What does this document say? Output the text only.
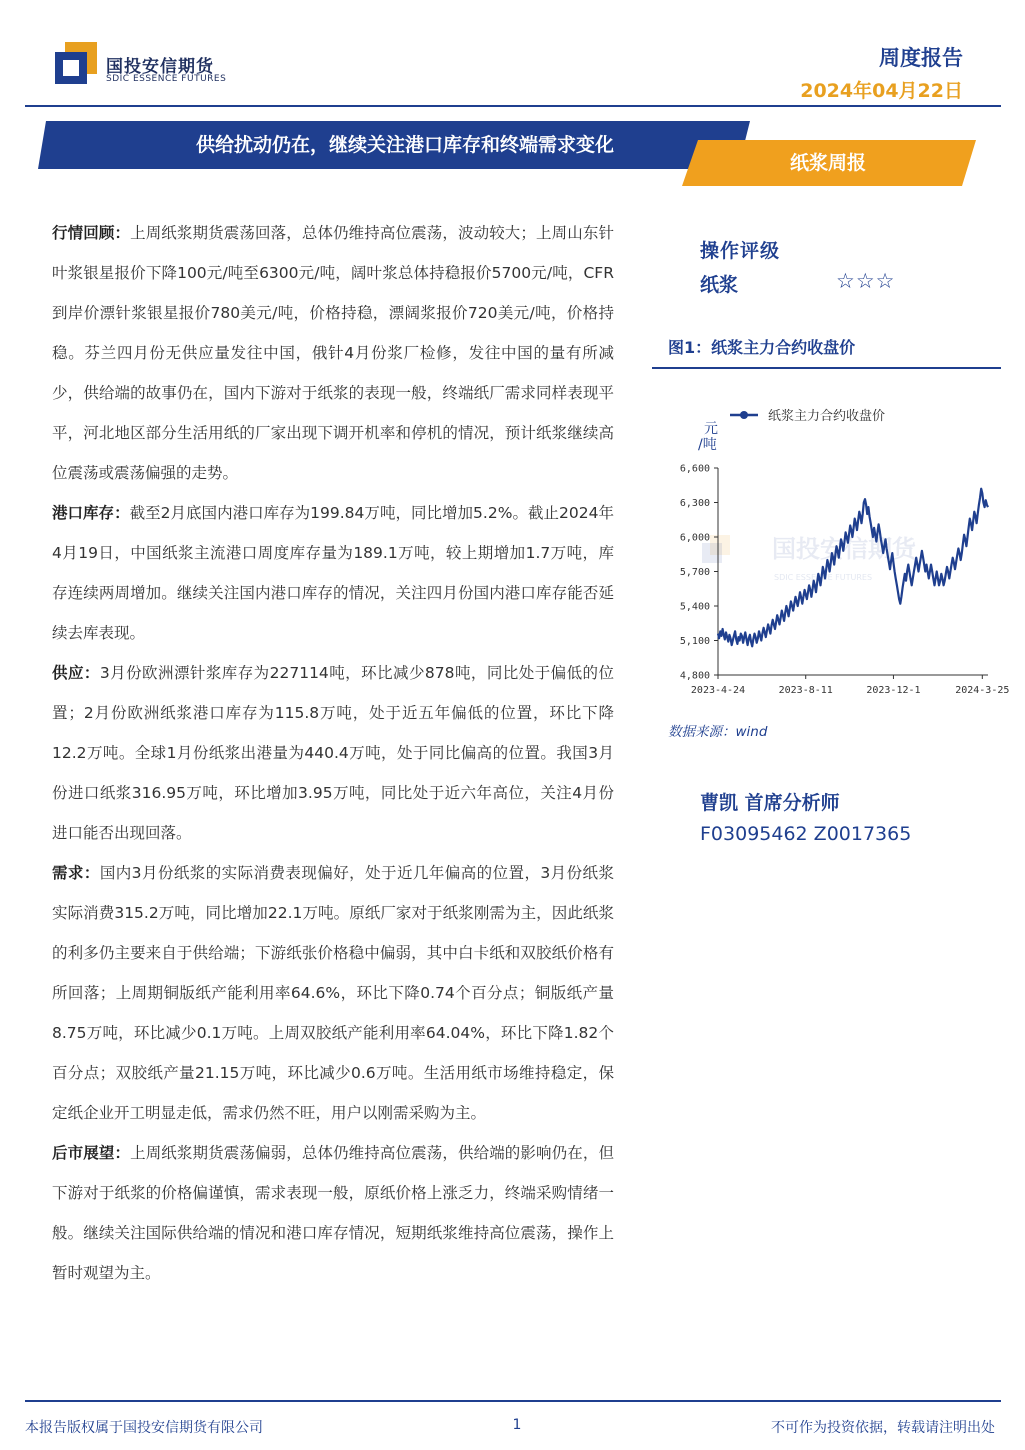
国投安信期货
SDIC ESSENCE FUTURES
周度报告
2024年04月22日
供给扰动仍在，继续关注港口库存和终端需求变化
纸浆周报

行情回顾：上周纸浆期货震荡回落，总体仍维持高位震荡，波动较大；上周山东针叶浆银星报价下降100元/吨至6300元/吨，阔叶浆总体持稳报价5700元/吨，CFR到岸价漂针浆银星报价780美元/吨，价格持稳，漂阔浆报价720美元/吨，价格持稳。芬兰四月份无供应量发往中国，俄针4月份浆厂检修，发往中国的量有所减少，供给端的故事仍在，国内下游对于纸浆的表现一般，终端纸厂需求同样表现平平，河北地区部分生活用纸的厂家出现下调开机率和停机的情况，预计纸浆继续高位震荡或震荡偏强的走势。

港口库存：截至2月底国内港口库存为199.84万吨，同比增加5.2%。截止2024年4月19日，中国纸浆主流港口周度库存量为189.1万吨，较上期增加1.7万吨，库存连续两周增加。继续关注国内港口库存的情况，关注四月份国内港口库存能否延续去库表现。

供应：3月份欧洲漂针浆库存为227114吨，环比减少878吨，同比处于偏低的位置；2月份欧洲纸浆港口库存为115.8万吨，处于近五年偏低的位置，环比下降12.2万吨。全球1月份纸浆出港量为440.4万吨，处于同比偏高的位置。我国3月份进口纸浆316.95万吨，环比增加3.95万吨，同比处于近六年高位，关注4月份进口能否出现回落。

需求：国内3月份纸浆的实际消费表现偏好，处于近几年偏高的位置，3月份纸浆实际消费315.2万吨，同比增加22.1万吨。原纸厂家对于纸浆刚需为主，因此纸浆的利多仍主要来自于供给端；下游纸张价格稳中偏弱，其中白卡纸和双胶纸价格有所回落；上周期铜版纸产能利用率64.6%，环比下降0.74个百分点；铜版纸产量8.75万吨，环比减少0.1万吨。上周双胶纸产能利用率64.04%，环比下降1.82个百分点；双胶纸产量21.15万吨，环比减少0.6万吨。生活用纸市场维持稳定，保定纸企业开工明显走低，需求仍然不旺，用户以刚需采购为主。

后市展望：上周纸浆期货震荡偏弱，总体仍维持高位震荡，供给端的影响仍在，但下游对于纸浆的价格偏谨慎，需求表现一般，原纸价格上涨乏力，终端采购情绪一般。继续关注国际供给端的情况和港口库存情况，短期纸浆维持高位震荡，操作上暂时观望为主。

操作评级
纸浆	☆☆☆
图1：纸浆主力合约收盘价
国投安信期货
SDIC ESSENCE FUTURES
纸浆主力合约收盘价
元/吨
4,800
5,100
5,400
5,700
6,000
6,300
6,600
2023-4-24	2023-8-11	2023-12-1	2024-3-25
数据来源：wind
曹凯 首席分析师
F03095462 Z0017365
本报告版权属于国投安信期货有限公司	1	不可作为投资依据，转载请注明出处
